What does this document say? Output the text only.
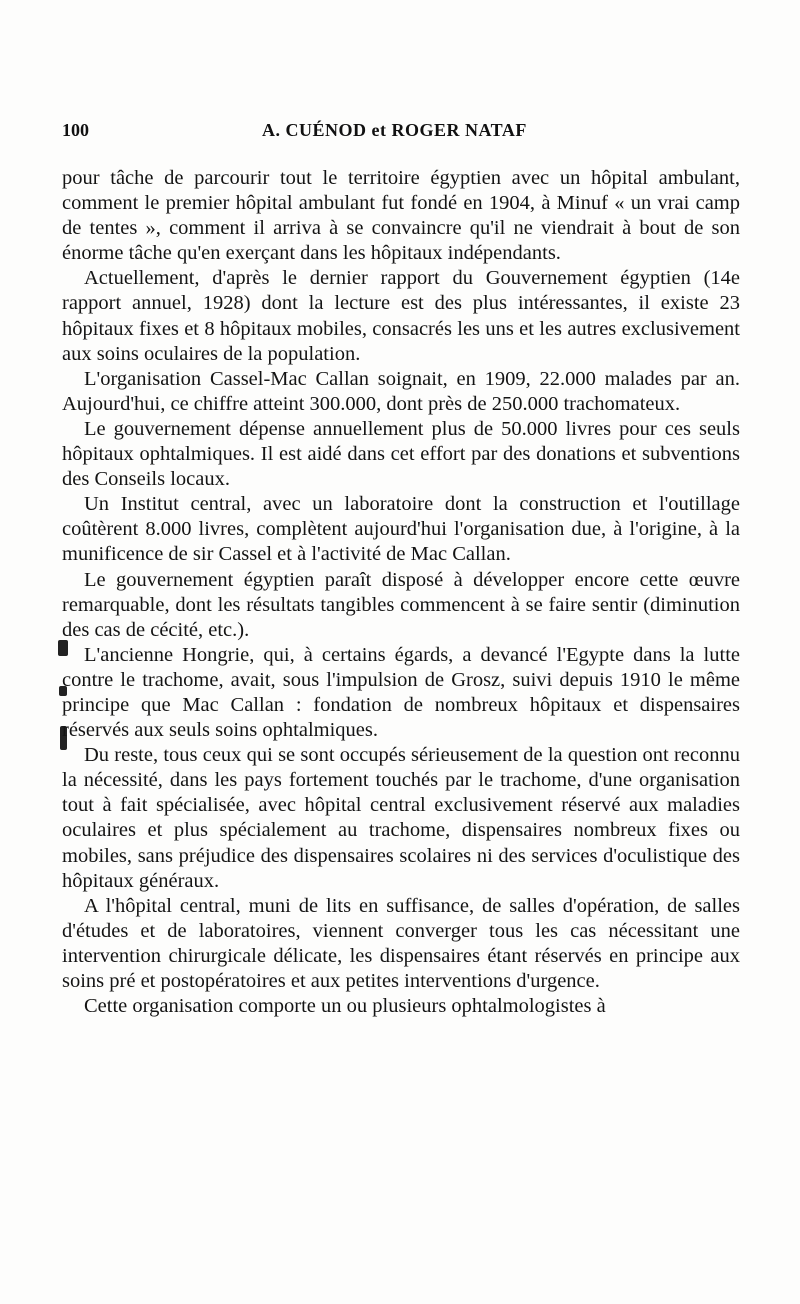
100	A. CUÉNOD et ROGER NATAF

pour tâche de parcourir tout le territoire égyptien avec un hôpital ambulant, comment le premier hôpital ambulant fut fondé en 1904, à Minuf « un vrai camp de tentes », comment il arriva à se convaincre qu'il ne viendrait à bout de son énorme tâche qu'en exerçant dans les hôpitaux indépendants.

Actuellement, d'après le dernier rapport du Gouvernement égyptien (14e rapport annuel, 1928) dont la lecture est des plus intéressantes, il existe 23 hôpitaux fixes et 8 hôpitaux mobiles, consacrés les uns et les autres exclusivement aux soins oculaires de la population.

L'organisation Cassel-Mac Callan soignait, en 1909, 22.000 malades par an. Aujourd'hui, ce chiffre atteint 300.000, dont près de 250.000 trachomateux.

Le gouvernement dépense annuellement plus de 50.000 livres pour ces seuls hôpitaux ophtalmiques. Il est aidé dans cet effort par des donations et subventions des Conseils locaux.

Un Institut central, avec un laboratoire dont la construction et l'outillage coûtèrent 8.000 livres, complètent aujourd'hui l'organisation due, à l'origine, à la munificence de sir Cassel et à l'activité de Mac Callan.

Le gouvernement égyptien paraît disposé à développer encore cette œuvre remarquable, dont les résultats tangibles commencent à se faire sentir (diminution des cas de cécité, etc.).

L'ancienne Hongrie, qui, à certains égards, a devancé l'Egypte dans la lutte contre le trachome, avait, sous l'impulsion de Grosz, suivi depuis 1910 le même principe que Mac Callan : fondation de nombreux hôpitaux et dispensaires réservés aux seuls soins ophtalmiques.

Du reste, tous ceux qui se sont occupés sérieusement de la question ont reconnu la nécessité, dans les pays fortement touchés par le trachome, d'une organisation tout à fait spécialisée, avec hôpital central exclusivement réservé aux maladies oculaires et plus spécialement au trachome, dispensaires nombreux fixes ou mobiles, sans préjudice des dispensaires scolaires ni des services d'oculistique des hôpitaux généraux.

A l'hôpital central, muni de lits en suffisance, de salles d'opération, de salles d'études et de laboratoires, viennent converger tous les cas nécessitant une intervention chirurgicale délicate, les dispensaires étant réservés en principe aux soins pré et postopératoires et aux petites interventions d'urgence.

Cette organisation comporte un ou plusieurs ophtalmologistes à
